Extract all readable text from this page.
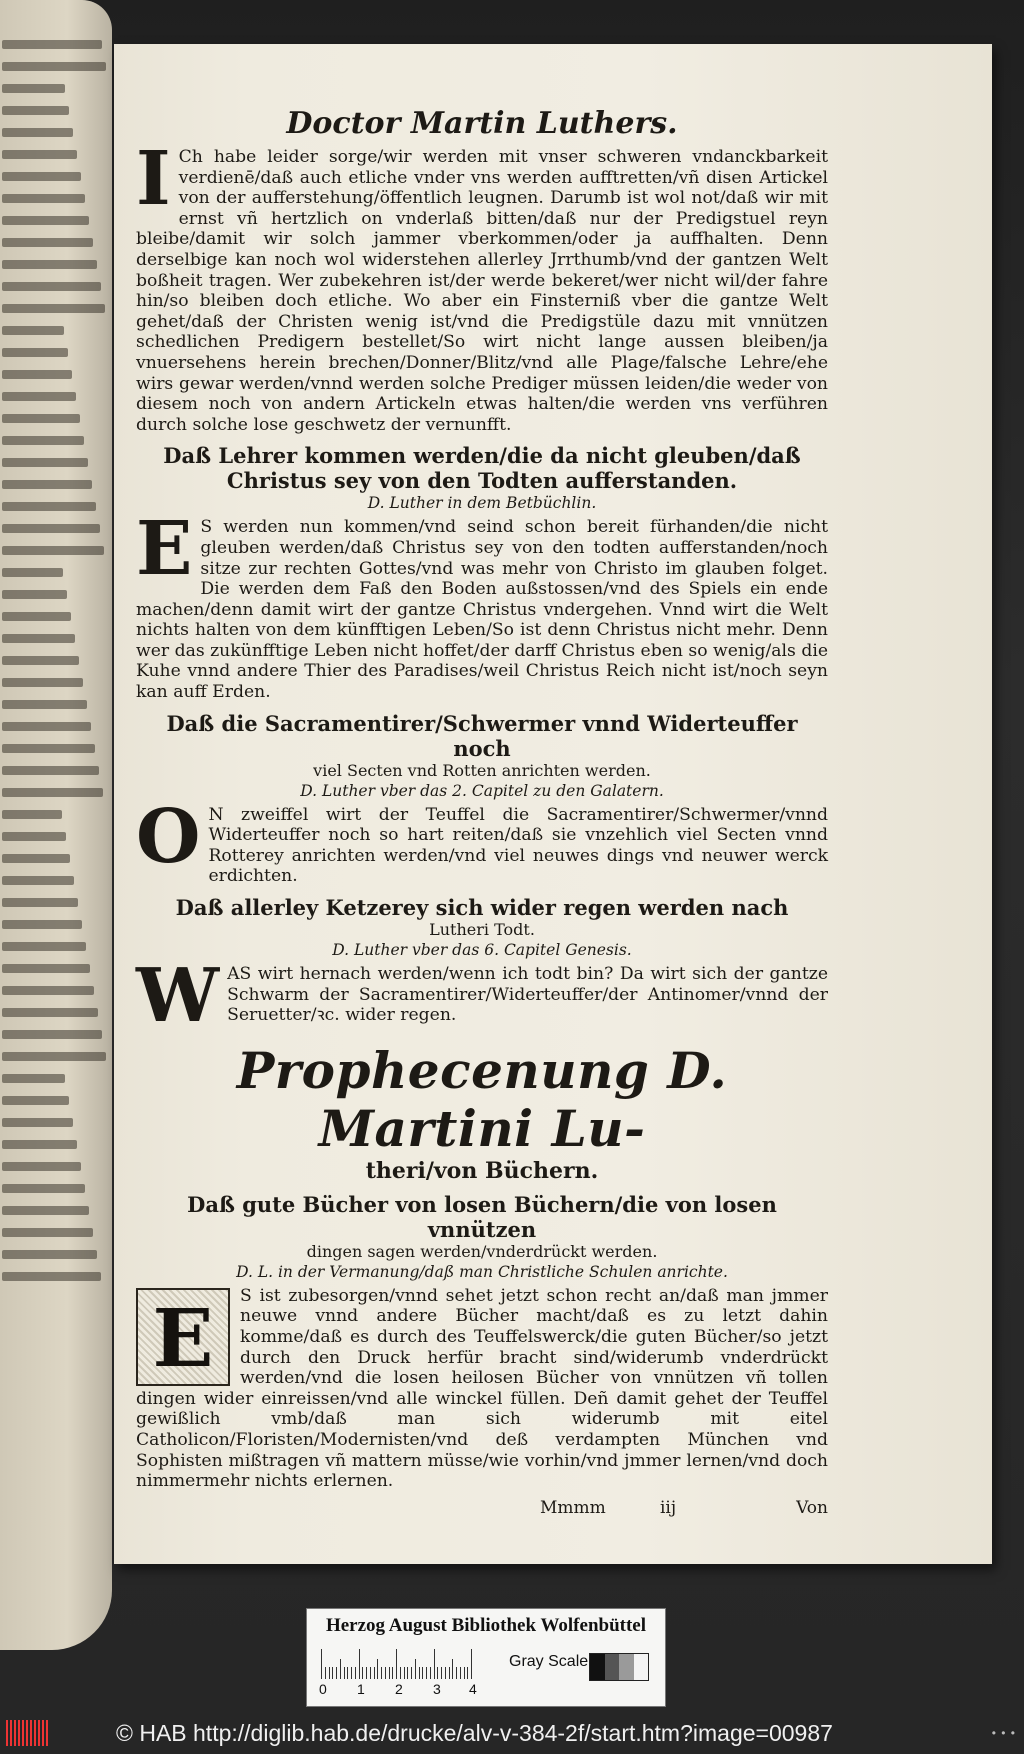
Doctor Martin Luthers.

I Ch habe leider sorge/wir werden mit vnser schweren vndanckbarkeit verdienē/daß auch etliche vnder vns werden aufftretten/vñ disen Artickel von der aufferstehung/öffentlich leugnen. Darumb ist wol not/daß wir mit ernst vñ hertzlich on vnderlaß bitten/daß nur der Predigstuel reyn bleibe/damit wir solch jammer vberkommen/oder ja auffhalten. Denn derselbige kan noch wol widerstehen allerley Jrrthumb/vnd der gantzen Welt boßheit tragen. Wer zubekehren ist/der werde bekeret/wer nicht wil/der fahre hin/so bleiben doch etliche. Wo aber ein Finsterniß vber die gantze Welt gehet/daß der Christen wenig ist/vnd die Predigstüle dazu mit vnnützen schedlichen Predigern bestellet/So wirt nicht lange aussen bleiben/ja vnuersehens herein brechen/Donner/Blitz/vnd alle Plage/falsche Lehre/ehe wirs gewar werden/vnnd werden solche Prediger müssen leiden/die weder von diesem noch von andern Artickeln etwas halten/die werden vns verführen durch solche lose geschwetz der vernunfft.

Daß Lehrer kommen werden/die da nicht gleuben/daß Christus sey von den Todten aufferstanden.

D. Luther in dem Betbüchlin.

E S werden nun kommen/vnd seind schon bereit fürhanden/die nicht gleuben werden/daß Christus sey von den todten aufferstanden/noch sitze zur rechten Gottes/vnd was mehr von Christo im glauben folget. Die werden dem Faß den Boden außstossen/vnd des Spiels ein ende machen/denn damit wirt der gantze Christus vndergehen. Vnnd wirt die Welt nichts halten von dem künfftigen Leben/So ist denn Christus nicht mehr. Denn wer das zukünfftige Leben nicht hoffet/der darff Christus eben so wenig/als die Kuhe vnnd andere Thier des Paradises/weil Christus Reich nicht ist/noch seyn kan auff Erden.

Daß die Sacramentirer/Schwermer vnnd Widerteuffer noch

viel Secten vnd Rotten anrichten werden.

D. Luther vber das 2. Capitel zu den Galatern.

O N zweiffel wirt der Teuffel die Sacramentirer/Schwermer/vnnd Widerteuffer noch so hart reiten/daß sie vnzehlich viel Secten vnnd Rotterey anrichten werden/vnd viel neuwes dings vnd neuwer werck erdichten.

Daß allerley Ketzerey sich wider regen werden nach

Lutheri Todt.

D. Luther vber das 6. Capitel Genesis.

W AS wirt hernach werden/wenn ich todt bin? Da wirt sich der gantze Schwarm der Sacramentirer/Widerteuffer/der Antinomer/vnnd der Seruetter/ꝛc. wider regen.

Prophecenung D. Martini Lu-

theri/von Büchern.

Daß gute Bücher von losen Büchern/die von losen vnnützen

dingen sagen werden/vnderdrückt werden.

D. L. in der Vermanung/daß man Christliche Schulen anrichte.

E	S ist zubesorgen/vnnd sehet jetzt schon recht an/daß man jmmer neuwe vnnd andere Bücher macht/daß es zu letzt dahin komme/daß es durch des Teuffelswerck/die guten Bücher/so jetzt durch den Druck herfür bracht sind/widerumb vnderdrückt werden/vnd die losen heilosen Bücher von vnnützen vñ tollen dingen wider einreissen/vnd alle winckel füllen. Deñ damit gehet der Teuffel gewißlich vmb/daß man sich widerumb mit eitel Catholicon/Floristen/Modernisten/vnd deß verdampten München vnd Sophisten mißtragen vñ mattern müsse/wie vorhin/vnd jmmer lernen/vnd doch nimmermehr nichts erlernen.

Mmmm	iij	Von
Herzog August Bibliothek Wolfenbüttel
0 1 2 3 4
Gray Scale
© HAB http://diglib.hab.de/drucke/alv-v-384-2f/start.htm?image=00987	• • •
